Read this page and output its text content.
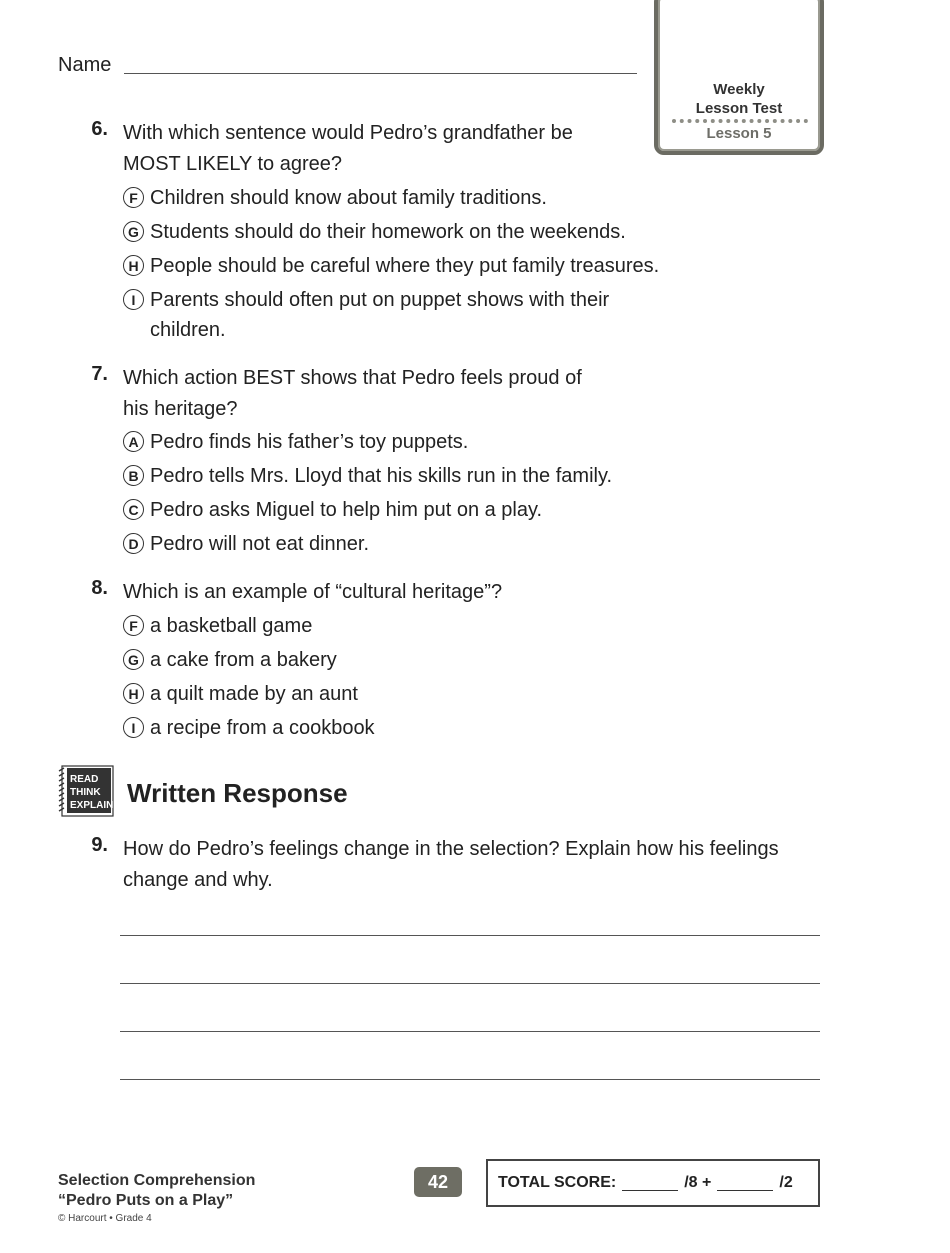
Name
Weekly
Lesson Test
Lesson 5
6. With which sentence would Pedro’s grandfather be
MOST LIKELY to agree?
F Children should know about family traditions.
G Students should do their homework on the weekends.
H People should be careful where they put family treasures.
I Parents should often put on puppet shows with their children.
7. Which action BEST shows that Pedro feels proud of
his heritage?
A Pedro finds his father’s toy puppets.
B Pedro tells Mrs. Lloyd that his skills run in the family.
C Pedro asks Miguel to help him put on a play.
D Pedro will not eat dinner.
8. Which is an example of “cultural heritage”?
F a basketball game
G a cake from a bakery
H a quilt made by an aunt
I a recipe from a cookbook
READ
THINK
EXPLAIN Written Response
9. How do Pedro’s feelings change in the selection? Explain how his feelings
change and why.
Selection Comprehension
“Pedro Puts on a Play”
© Harcourt • Grade 4
42	TOTAL SCORE:	/8 +	/2
